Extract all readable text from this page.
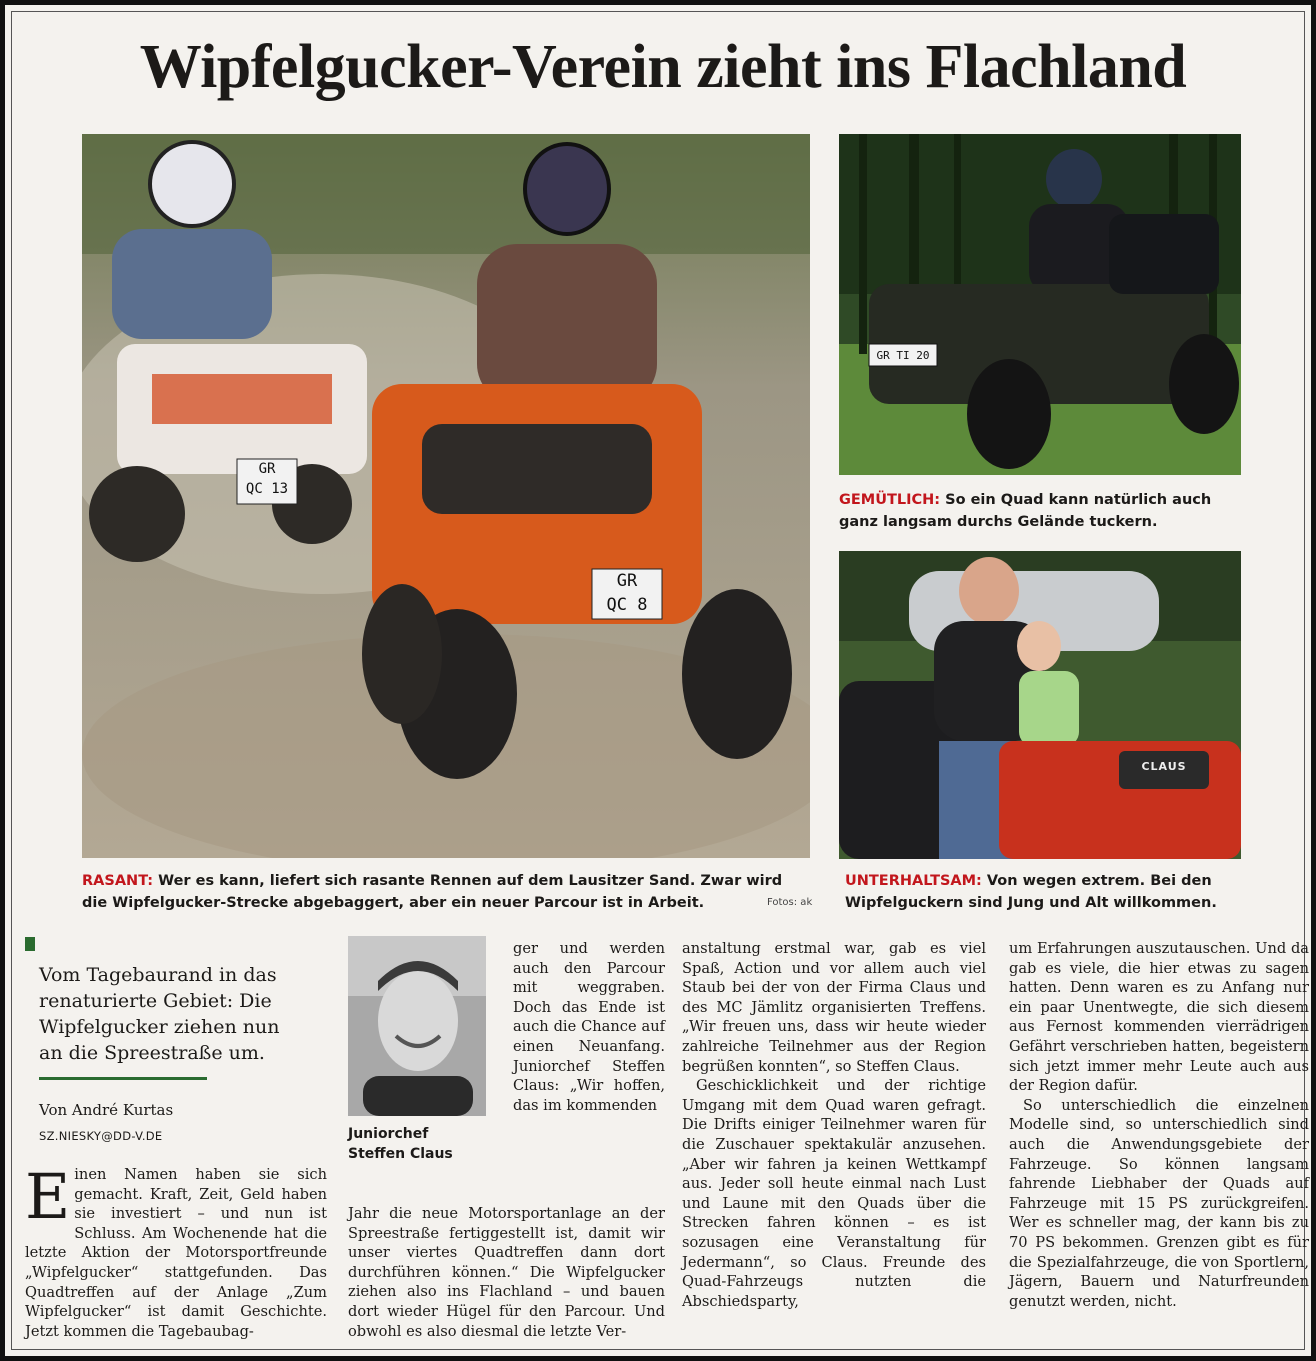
Wipfelgucker-Verein zieht ins Flachland
GR
QC 13
GR
QC 8
RASANT: Wer es kann, liefert sich rasante Rennen auf dem Lausitzer Sand. Zwar wird die Wipfelgucker-Strecke abgebaggert, aber ein neuer Parcour ist in Arbeit.	Fotos: ak
GR TI 20
GEMÜTLICH: So ein Quad kann natürlich auch ganz langsam durchs Gelände tuckern.
CLAUS
UNTERHALTSAM: Von wegen extrem. Bei den Wipfelguckern sind Jung und Alt willkommen.
Vom Tagebaurand in das renaturierte Gebiet: Die Wipfelgucker ziehen nun an die Spreestraße um.
Von André Kurtas
SZ.NIESKY@DD-V.DE

Einen Namen haben sie sich gemacht. Kraft, Zeit, Geld haben sie investiert – und nun ist Schluss. Am Wochenende hat die letzte Aktion der Motorsportfreunde „Wipfelgucker“ stattgefunden. Das Quadtreffen auf der Anlage „Zum Wipfelgucker“ ist damit Geschichte. Jetzt kommen die Tagebaubag-

Juniorchef
Steffen Claus

ger und werden auch den Parcour mit weggraben. Doch das Ende ist auch die Chance auf einen Neuanfang. Juniorchef Steffen Claus: „Wir hoffen, das im kommenden

Jahr die neue Motorsportanlage an der Spreestraße fertiggestellt ist, damit wir unser viertes Quadtreffen dann dort durchführen können.“ Die Wipfelgucker ziehen also ins Flachland – und bauen dort wieder Hügel für den Parcour. Und obwohl es also diesmal die letzte Ver-

anstaltung erstmal war, gab es viel Spaß, Action und vor allem auch viel Staub bei der von der Firma Claus und des MC Jämlitz organisierten Treffens. „Wir freuen uns, dass wir heute wieder zahlreiche Teilnehmer aus der Region begrüßen konnten“, so Steffen Claus.

Geschicklichkeit und der richtige Umgang mit dem Quad waren gefragt. Die Drifts einiger Teilnehmer waren für die Zuschauer spektakulär anzusehen. „Aber wir fahren ja keinen Wettkampf aus. Jeder soll heute einmal nach Lust und Laune mit den Quads über die Strecken fahren können – es ist sozusagen eine Veranstaltung für Jedermann“, so Claus. Freunde des Quad-Fahrzeugs nutzten die Abschiedsparty,

um Erfahrungen auszutauschen. Und da gab es viele, die hier etwas zu sagen hatten. Denn waren es zu Anfang nur ein paar Unentwegte, die sich diesem aus Fernost kommenden vierrädrigen Gefährt verschrieben hatten, begeistern sich jetzt immer mehr Leute auch aus der Region dafür.

So unterschiedlich die einzelnen Modelle sind, so unterschiedlich sind auch die Anwendungsgebiete der Fahrzeuge. So können langsam fahrende Liebhaber der Quads auf Fahrzeuge mit 15 PS zurückgreifen. Wer es schneller mag, der kann bis zu 70 PS bekommen. Grenzen gibt es für die Spezialfahrzeuge, die von Sportlern, Jägern, Bauern und Naturfreunden genutzt werden, nicht.
